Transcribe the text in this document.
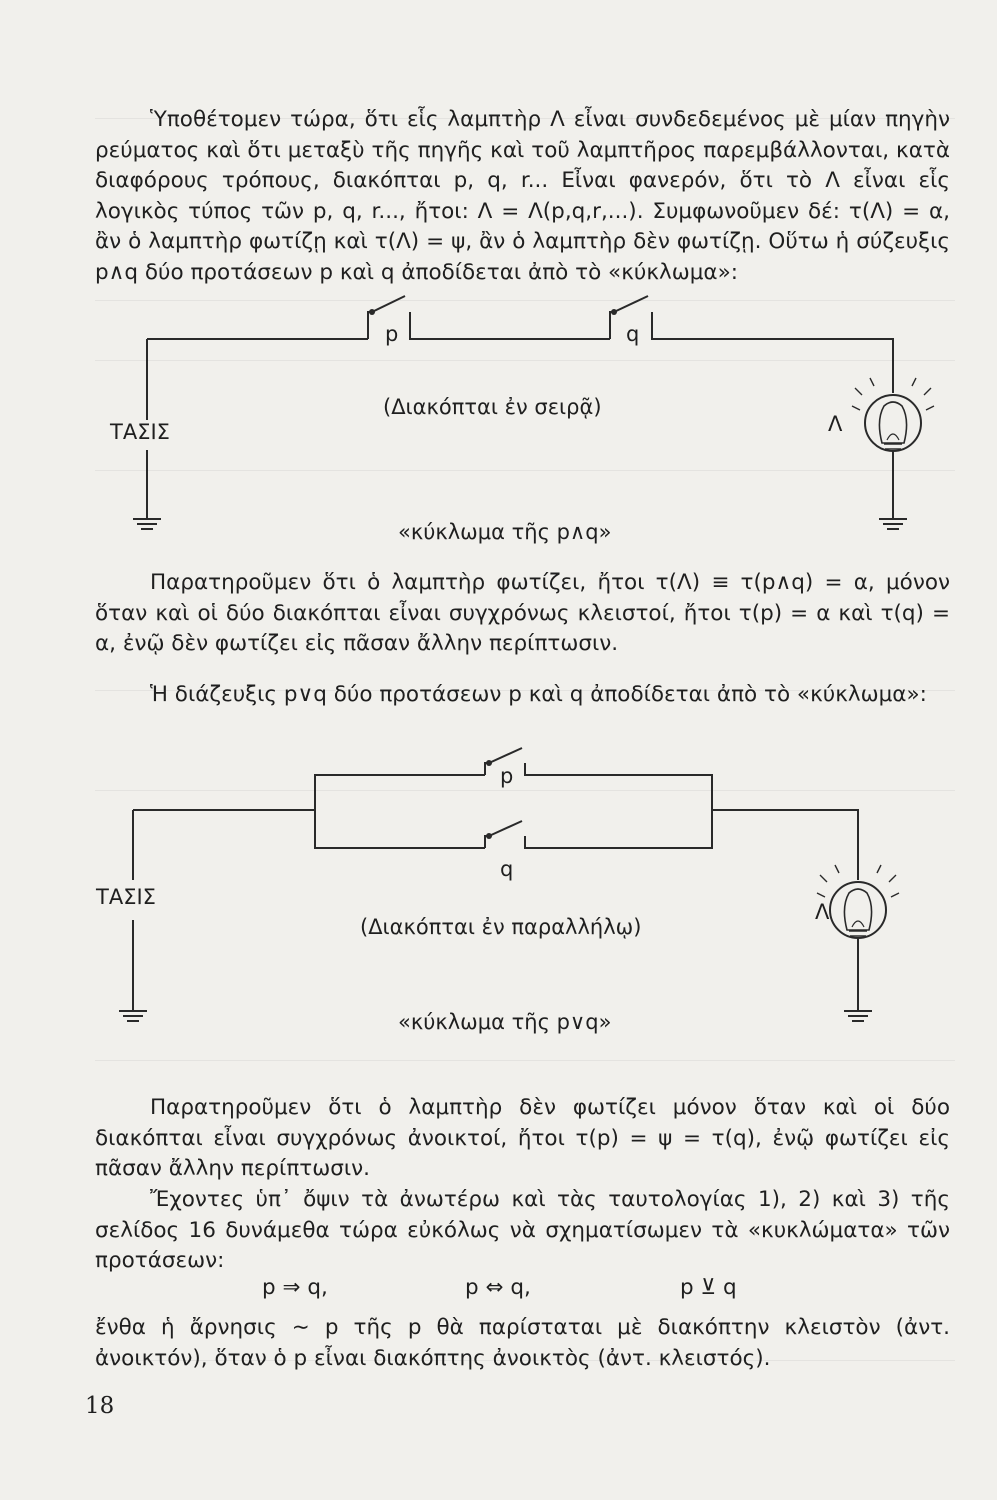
Ὑποθέτομεν τώρα, ὅτι εἷς λαμπτὴρ Λ εἶναι συνδεδεμένος μὲ μίαν πηγὴν ρεύματος καὶ ὅτι μεταξὺ τῆς πηγῆς καὶ τοῦ λαμπτῆρος παρεμβάλλονται, κατὰ διαφόρους τρόπους, διακόπται p, q, r... Εἶναι φανερόν, ὅτι τὸ Λ εἶναι εἷς λογικὸς τύπος τῶν p, q, r..., ἤτοι: Λ = Λ(p,q,r,...). Συμφωνοῦμεν δέ: τ(Λ) = α, ἂν ὁ λαμπτὴρ φωτίζῃ καὶ τ(Λ) = ψ, ἂν ὁ λαμπτὴρ δὲν φωτίζῃ. Οὕτω ἡ σύζευξις p∧q δύο προτάσεων p καὶ q ἀποδίδεται ἀπὸ τὸ «κύκλωμα»:

p	q
(Διακόπται ἐν σειρᾷ)
ΤΑΣΙΣ	Λ
«κύκλωμα τῆς p∧q»

Παρατηροῦμεν ὅτι ὁ λαμπτὴρ φωτίζει, ἤτοι τ(Λ) ≡ τ(p∧q) = α, μόνον ὅταν καὶ οἱ δύο διακόπται εἶναι συγχρόνως κλειστοί, ἤτοι τ(p) = α καὶ τ(q) = α, ἐνῷ δὲν φωτίζει εἰς πᾶσαν ἄλλην περίπτωσιν.

Ἡ διάζευξις p∨q δύο προτάσεων p καὶ q ἀποδίδεται ἀπὸ τὸ «κύκλωμα»:

p
q
ΤΑΣΙΣ
(Διακόπται ἐν παραλλήλῳ)
Λ
«κύκλωμα τῆς p∨q»

Παρατηροῦμεν ὅτι ὁ λαμπτὴρ δὲν φωτίζει μόνον ὅταν καὶ οἱ δύο διακόπται εἶναι συγχρόνως ἀνοικτοί, ἤτοι τ(p) = ψ = τ(q), ἐνῷ φωτίζει εἰς πᾶσαν ἄλλην περίπτωσιν.

Ἔχοντες ὑπ᾿ ὄψιν τὰ ἀνωτέρω καὶ τὰς ταυτολογίας 1), 2) καὶ 3) τῆς σελίδος 16 δυνάμεθα τώρα εὐκόλως νὰ σχηματίσωμεν τὰ «κυκλώματα» τῶν προτάσεων:

p ⇒ q,	p ⇔ q,	p ⊻ q

ἔνθα ἡ ἄρνησις ∼ p τῆς p θὰ παρίσταται μὲ διακόπτην κλειστὸν (ἀντ. ἀνοικτόν), ὅταν ὁ p εἶναι διακόπτης ἀνοικτὸς (ἀντ. κλειστός).

18
